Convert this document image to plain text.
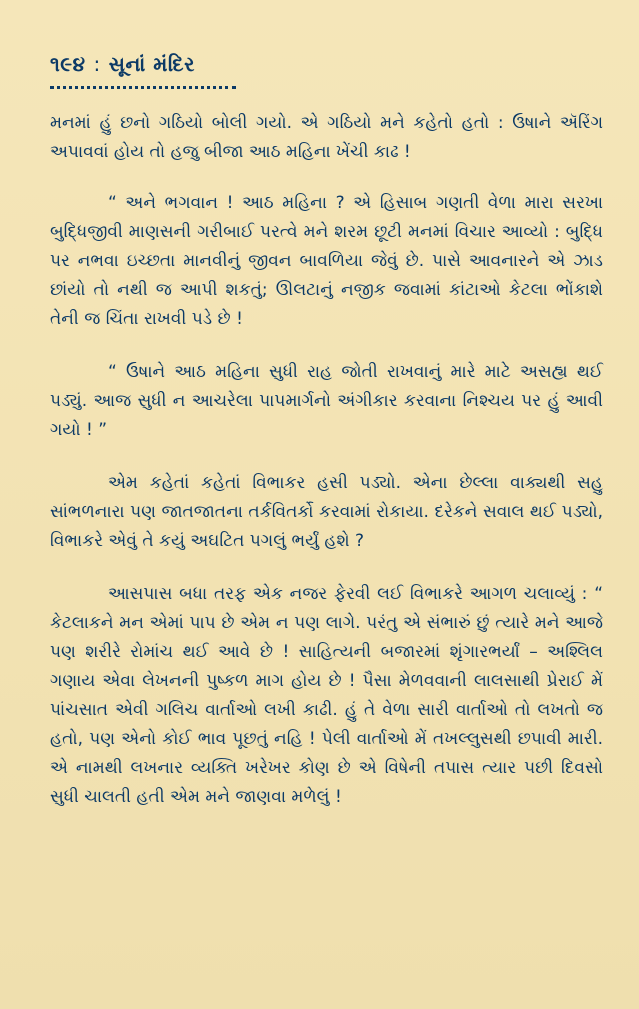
૧૯૪ : સૂનાં મંદિર

મનમાં હું છનો ગઠિયો બોલી ગયો. એ ગઠિયો મને કહેતો હતો : ઉષાને ઍરિંગ અપાવવાં હોય તો હજુ બીજા આઠ મહિના ખેંચી કાઢ !

“ અને ભગવાન ! આઠ મહિના ? એ હિસાબ ગણતી વેળા મારા સરખા બુદ્ધિજીવી માણસની ગરીબાઈ પરત્વે મને શરમ છૂટી મનમાં વિચાર આવ્યો : બુદ્ધિ પર નભવા ઇચ્છતા માનવીનું જીવન બાવળિયા જેવું છે. પાસે આવનારને એ ઝાડ છાંયો તો નથી જ આપી શકતું; ઊલટાનું નજીક જવામાં કાંટાઓ કેટલા ભોંકાશે તેની જ ચિંતા રાખવી પડે છે !

“ ઉષાને આઠ મહિના સુધી રાહ જોતી રાખવાનું મારે માટે અસહ્ય થઈ પડ્યું. આજ સુધી ન આચરેલા પાપમાર્ગનો અંગીકાર કરવાના નિશ્ચય પર હું આવી ગયો ! ”

એમ કહેતાં કહેતાં વિભાકર હસી પડ્યો. એના છેલ્લા વાક્યથી સહુ સાંભળનારા પણ જાતજાતના તર્કવિતર્કો કરવામાં રોકાયા. દરેકને સવાલ થઈ પડ્યો, વિભાકરે એવું તે કયું અઘટિત પગલું ભર્યું હશે ?

આસપાસ બધા તરફ એક નજર ફેરવી લઈ વિભાકરે આગળ ચલાવ્યું : “ કેટલાકને મન એમાં પાપ છે એમ ન પણ લાગે. પરંતુ એ સંભારું છું ત્યારે મને આજે પણ શરીરે રોમાંચ થઈ આવે છે ! સાહિત્યની બજારમાં શૃંગારભર્યાં – અશ્લિલ ગણાય એવા લેખનની પુષ્કળ માગ હોય છે ! પૈસા મેળવવાની લાલસાથી પ્રેરાઈ મેં પાંચસાત એવી ગલિચ વાર્તાઓ લખી કાઢી. હું તે વેળા સારી વાર્તાઓ તો લખતો જ હતો, પણ એનો કોઈ ભાવ પૂછતું નહિ ! પેલી વાર્તાઓ મેં તખલ્લુસથી છપાવી મારી. એ નામથી લખનાર વ્યક્તિ ખરેખર કોણ છે એ વિષેની તપાસ ત્યાર પછી દિવસો સુધી ચાલતી હતી એમ મને જાણવા મળેલું !
